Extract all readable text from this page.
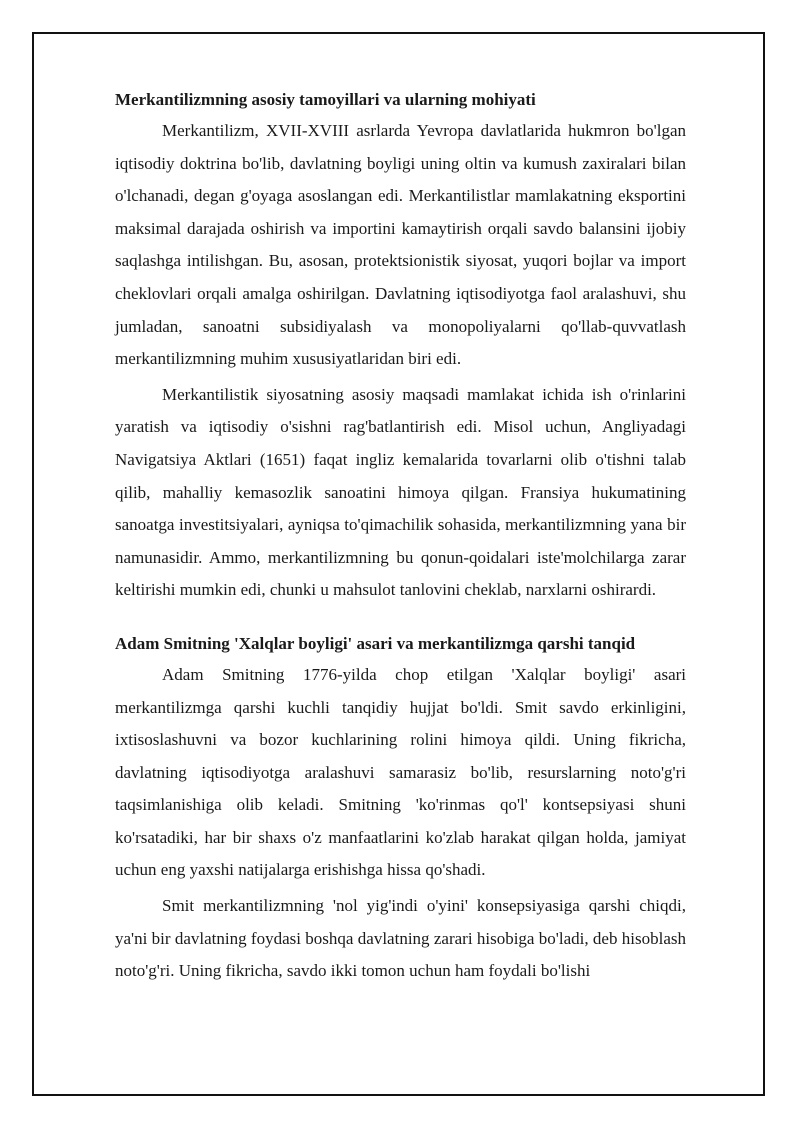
Merkantilizmning asosiy tamoyillari va ularning mohiyati

Merkantilizm, XVII-XVIII asrlarda Yevropa davlatlarida hukmron bo'lgan iqtisodiy doktrina bo'lib, davlatning boyligi uning oltin va kumush zaxiralari bilan o'lchanadi, degan g'oyaga asoslangan edi. Merkantilistlar mamlakatning eksportini maksimal darajada oshirish va importini kamaytirish orqali savdo balansini ijobiy saqlashga intilishgan. Bu, asosan, protektsionistik siyosat, yuqori bojlar va import cheklovlari orqali amalga oshirilgan. Davlatning iqtisodiyotga faol aralashuvi, shu jumladan, sanoatni subsidiyalash va monopoliyalarni qo'llab-quvvatlash merkantilizmning muhim xususiyatlaridan biri edi.

Merkantilistik siyosatning asosiy maqsadi mamlakat ichida ish o'rinlarini yaratish va iqtisodiy o'sishni rag'batlantirish edi. Misol uchun, Angliyadagi Navigatsiya Aktlari (1651) faqat ingliz kemalarida tovarlarni olib o'tishni talab qilib, mahalliy kemasozlik sanoatini himoya qilgan. Fransiya hukumatining sanoatga investitsiyalari, ayniqsa to'qimachilik sohasida, merkantilizmning yana bir namunasidir. Ammo, merkantilizmning bu qonun-qoidalari iste'molchilarga zarar keltirishi mumkin edi, chunki u mahsulot tanlovini cheklab, narxlarni oshirardi.

Adam Smitning 'Xalqlar boyligi' asari va merkantilizmga qarshi tanqid

Adam Smitning 1776-yilda chop etilgan 'Xalqlar boyligi' asari merkantilizmga qarshi kuchli tanqidiy hujjat bo'ldi. Smit savdo erkinligini, ixtisoslashuvni va bozor kuchlarining rolini himoya qildi. Uning fikricha, davlatning iqtisodiyotga aralashuvi samarasiz bo'lib, resurslarning noto'g'ri taqsimlanishiga olib keladi. Smitning 'ko'rinmas qo'l' kontsepsiyasi shuni ko'rsatadiki, har bir shaxs o'z manfaatlarini ko'zlab harakat qilgan holda, jamiyat uchun eng yaxshi natijalarga erishishga hissa qo'shadi.

Smit merkantilizmning 'nol yig'indi o'yini' konsepsiyasiga qarshi chiqdi, ya'ni bir davlatning foydasi boshqa davlatning zarari hisobiga bo'ladi, deb hisoblash noto'g'ri. Uning fikricha, savdo ikki tomon uchun ham foydali bo'lishi
